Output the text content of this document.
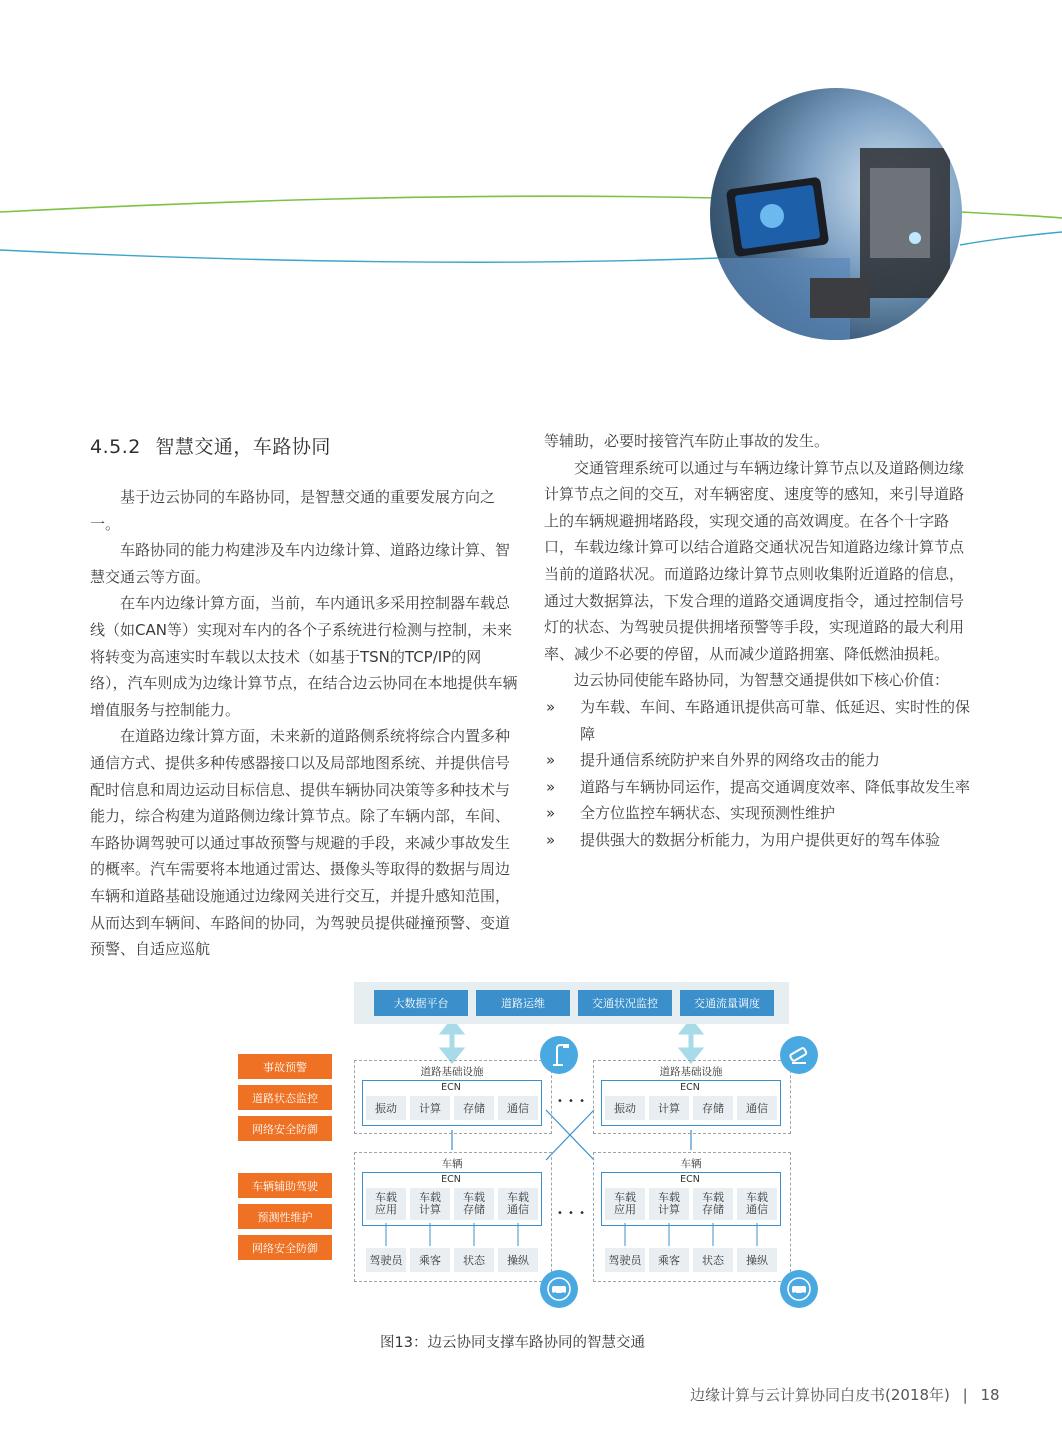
4.5.2 智慧交通，车路协同

基于边云协同的车路协同，是智慧交通的重要发展方向之一。

车路协同的能力构建涉及车内边缘计算、道路边缘计算、智慧交通云等方面。

在车内边缘计算方面，当前，车内通讯多采用控制器车载总线（如CAN等）实现对车内的各个子系统进行检测与控制，未来将转变为高速实时车载以太技术（如基于TSN的TCP/IP的网络），汽车则成为边缘计算节点，在结合边云协同在本地提供车辆增值服务与控制能力。

在道路边缘计算方面，未来新的道路侧系统将综合内置多种通信方式、提供多种传感器接口以及局部地图系统、并提供信号配时信息和周边运动目标信息、提供车辆协同决策等多种技术与能力，综合构建为道路侧边缘计算节点。除了车辆内部，车间、车路协调驾驶可以通过事故预警与规避的手段，来减少事故发生的概率。汽车需要将本地通过雷达、摄像头等取得的数据与周边车辆和道路基础设施通过边缘网关进行交互，并提升感知范围，从而达到车辆间、车路间的协同，为驾驶员提供碰撞预警、变道预警、自适应巡航

等辅助，必要时接管汽车防止事故的发生。

交通管理系统可以通过与车辆边缘计算节点以及道路侧边缘计算节点之间的交互，对车辆密度、速度等的感知，来引导道路上的车辆规避拥堵路段，实现交通的高效调度。在各个十字路口，车载边缘计算可以结合道路交通状况告知道路边缘计算节点当前的道路状况。而道路边缘计算节点则收集附近道路的信息，通过大数据算法，下发合理的道路交通调度指令，通过控制信号灯的状态、为驾驶员提供拥堵预警等手段，实现道路的最大利用率、减少不必要的停留，从而减少道路拥塞、降低燃油损耗。

边云协同使能车路协同，为智慧交通提供如下核心价值：

» 为车载、车间、车路通讯提供高可靠、低延迟、实时性的保障
» 提升通信系统防护来自外界的网络攻击的能力
» 道路与车辆协同运作，提高交通调度效率、降低事故发生率
» 全方位监控车辆状态、实现预测性维护
» 提供强大的数据分析能力，为用户提供更好的驾车体验
大数据平台	道路运维	交通状况监控	交通流量调度
事故预警
道路状态监控
网络安全防御
车辆辅助驾驶
预测性维护
网络安全防御
道路基础设施
ECN
振动	计算	存储	通信
道路基础设施
ECN
振动	计算	存储	通信
• • •
车辆
ECN
车载
应用
车载
计算
车载
存储
车载
通信
驾驶员	乘客	状态	操纵
车辆
ECN
车载
应用
车载
计算
车载
存储
车载
通信
驾驶员	乘客	状态	操纵
• • •
图13：边云协同支撑车路协同的智慧交通
边缘计算与云计算协同白皮书(2018年) | 18
